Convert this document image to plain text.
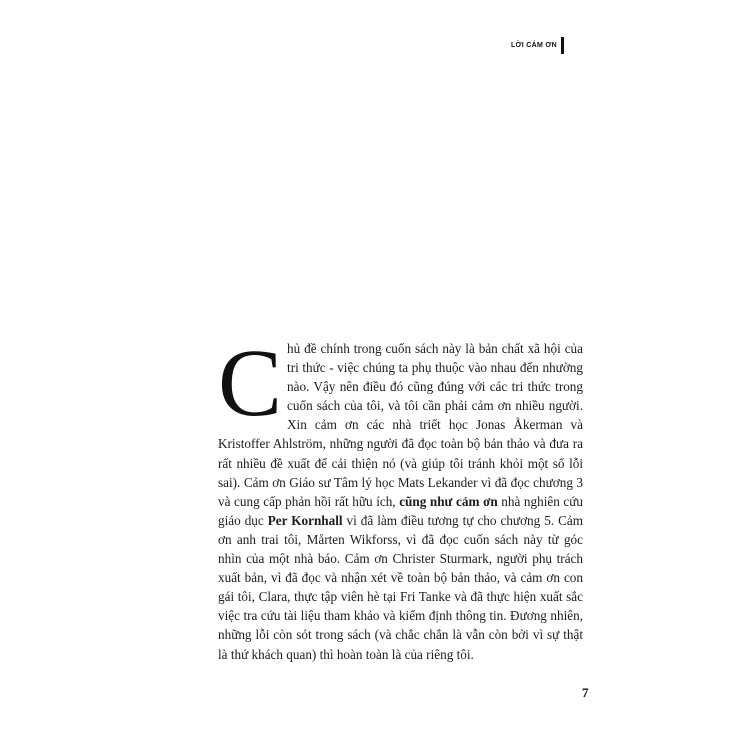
LỜI CẢM ƠN
C hủ đề chính trong cuốn sách này là bản chất xã hội của tri thức - việc chúng ta phụ thuộc vào nhau đến nhường nào. Vậy nên điều đó cũng đúng với các tri thức trong cuốn sách của tôi, và tôi cần phải cảm ơn nhiều người. Xin cảm ơn các nhà triết học Jonas Åkerman và Kristoffer Ahlström, những người đã đọc toàn bộ bản thảo và đưa ra rất nhiều đề xuất để cải thiện nó (và giúp tôi tránh khỏi một số lỗi sai). Cảm ơn Giáo sư Tâm lý học Mats Lekander vì đã đọc chương 3 và cung cấp phản hồi rất hữu ích, cũng như cảm ơn nhà nghiên cứu giáo dục Per Kornhall vì đã làm điều tương tự cho chương 5. Cảm ơn anh trai tôi, Mårten Wikforss, vì đã đọc cuốn sách này từ góc nhìn của một nhà báo. Cảm ơn Christer Sturmark, người phụ trách xuất bản, vì đã đọc và nhận xét về toàn bộ bản thảo, và cảm ơn con gái tôi, Clara, thực tập viên hè tại Fri Tanke và đã thực hiện xuất sắc việc tra cứu tài liệu tham khảo và kiểm định thông tin. Đương nhiên, những lỗi còn sót trong sách (và chắc chắn là vẫn còn bởi vì sự thật là thứ khách quan) thì hoàn toàn là của riêng tôi.
7
